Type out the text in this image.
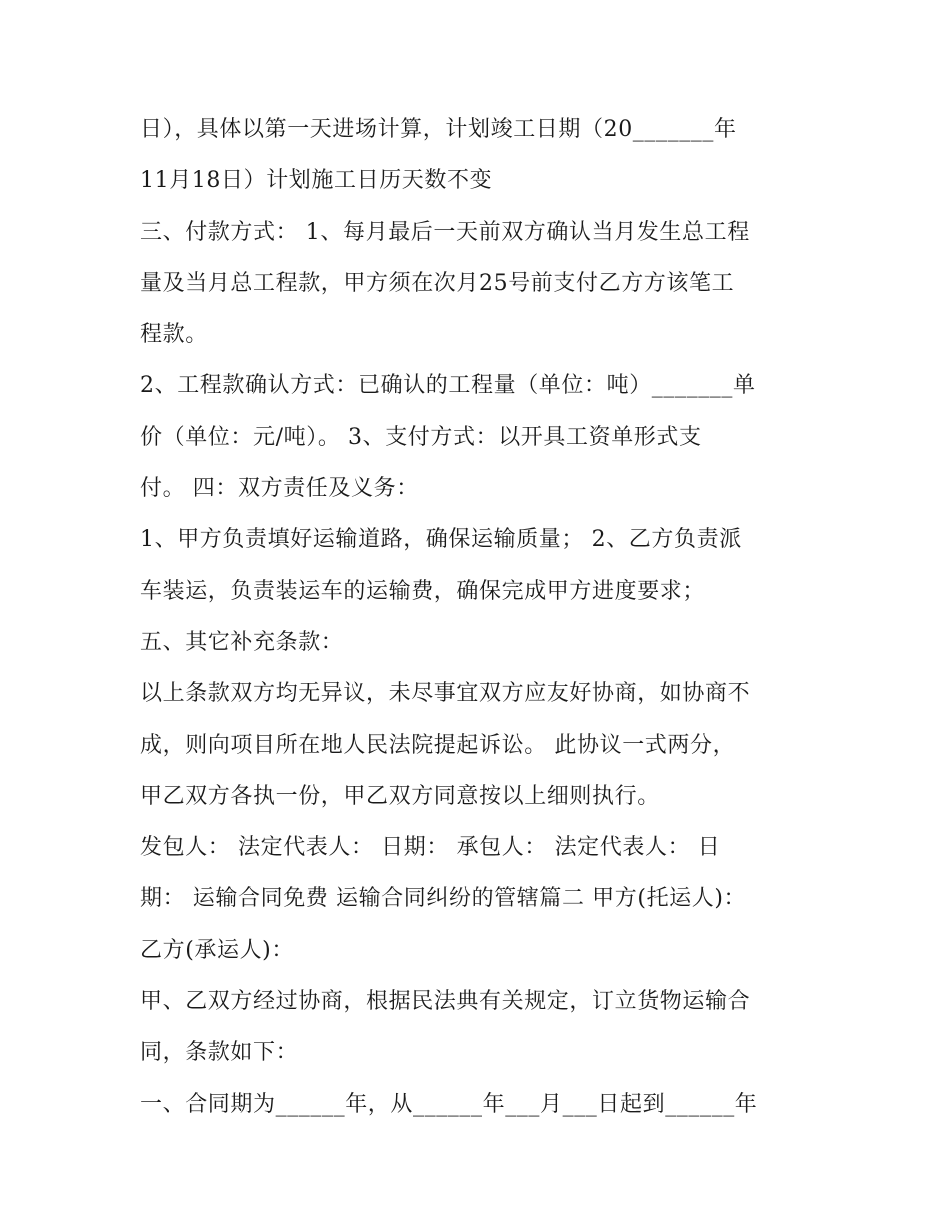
日），具体以第一天进场计算，计划竣工日期（20_______年
11月18日）计划施工日历天数不变
三、付款方式： 1、每月最后一天前双方确认当月发生总工程
量及当月总工程款，甲方须在次月25号前支付乙方方该笔工
程款。
2、工程款确认方式：已确认的工程量（单位：吨）_______单
价（单位：元/吨）。 3、支付方式：以开具工资单形式支
付。 四：双方责任及义务：
1、甲方负责填好运输道路，确保运输质量； 2、乙方负责派
车装运，负责装运车的运输费，确保完成甲方进度要求；
五、其它补充条款：
以上条款双方均无异议，未尽事宜双方应友好协商，如协商不
成，则向项目所在地人民法院提起诉讼。 此协议一式两分，
甲乙双方各执一份，甲乙双方同意按以上细则执行。
发包人： 法定代表人： 日期： 承包人： 法定代表人： 日
期： 运输合同免费 运输合同纠纷的管辖篇二 甲方(托运人)：
乙方(承运人)：
甲、乙双方经过协商，根据民法典有关规定，订立货物运输合
同，条款如下：
一、合同期为______年，从______年___月___日起到______年
